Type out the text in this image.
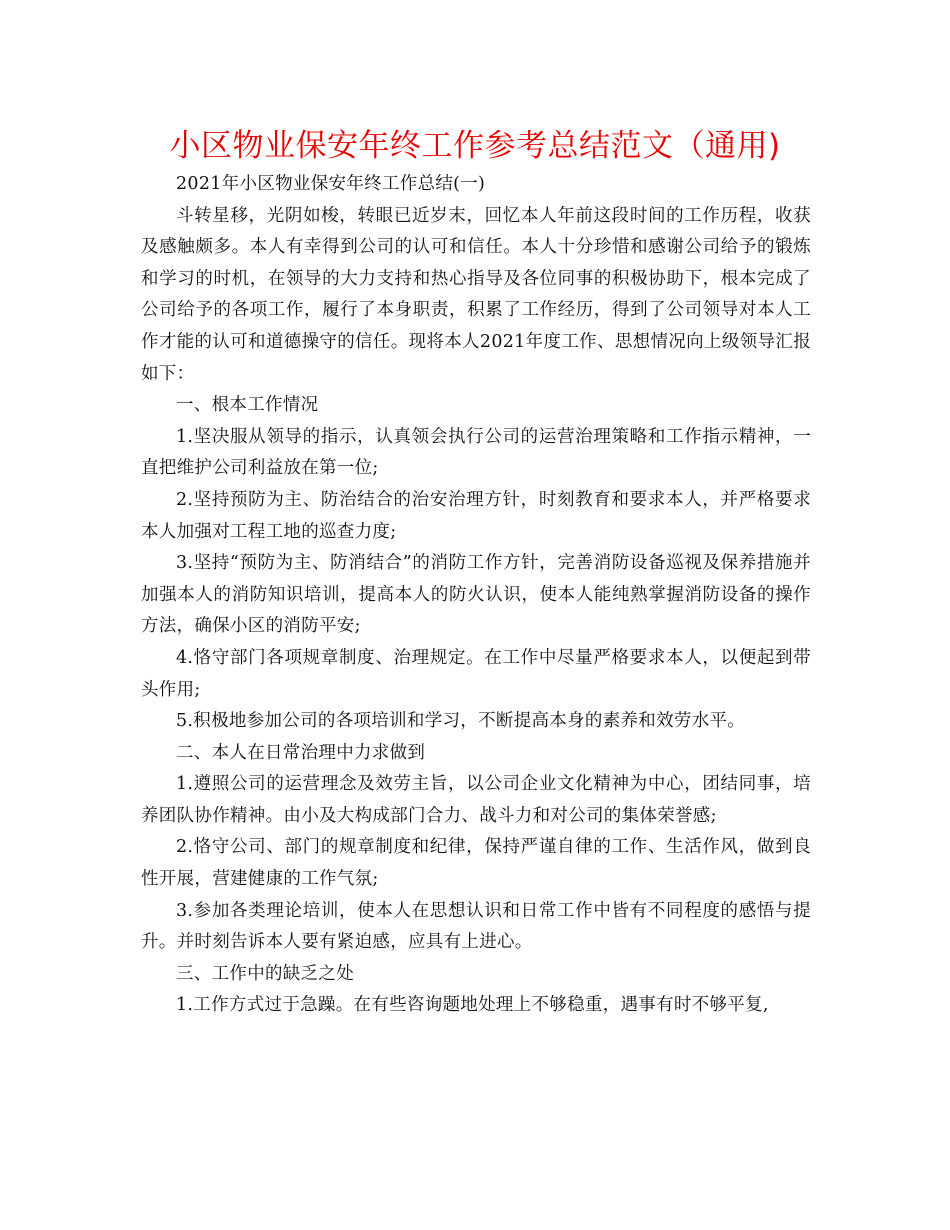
小区物业保安年终工作参考总结范文（通用)

2021年小区物业保安年终工作总结(一)

斗转星移，光阴如梭，转眼已近岁末，回忆本人年前这段时间的工作历程，收获及感触颇多。本人有幸得到公司的认可和信任。本人十分珍惜和感谢公司给予的锻炼和学习的时机，在领导的大力支持和热心指导及各位同事的积极协助下，根本完成了公司给予的各项工作，履行了本身职责，积累了工作经历，得到了公司领导对本人工作才能的认可和道德操守的信任。现将本人2021年度工作、思想情况向上级领导汇报如下：

一、根本工作情况

1.坚决服从领导的指示，认真领会执行公司的运营治理策略和工作指示精神，一直把维护公司利益放在第一位;

2.坚持预防为主、防治结合的治安治理方针，时刻教育和要求本人，并严格要求本人加强对工程工地的巡查力度;

3.坚持“预防为主、防消结合”的消防工作方针，完善消防设备巡视及保养措施并加强本人的消防知识培训，提高本人的防火认识，使本人能纯熟掌握消防设备的操作方法，确保小区的消防平安;

4.恪守部门各项规章制度、治理规定。在工作中尽量严格要求本人，以便起到带头作用;

5.积极地参加公司的各项培训和学习，不断提高本身的素养和效劳水平。

二、本人在日常治理中力求做到

1.遵照公司的运营理念及效劳主旨，以公司企业文化精神为中心，团结同事，培养团队协作精神。由小及大构成部门合力、战斗力和对公司的集体荣誉感;

2.恪守公司、部门的规章制度和纪律，保持严谨自律的工作、生活作风，做到良性开展，营建健康的工作气氛;

3.参加各类理论培训，使本人在思想认识和日常工作中皆有不同程度的感悟与提升。并时刻告诉本人要有紧迫感，应具有上进心。

三、工作中的缺乏之处

1.工作方式过于急躁。在有些咨询题地处理上不够稳重，遇事有时不够平复,
